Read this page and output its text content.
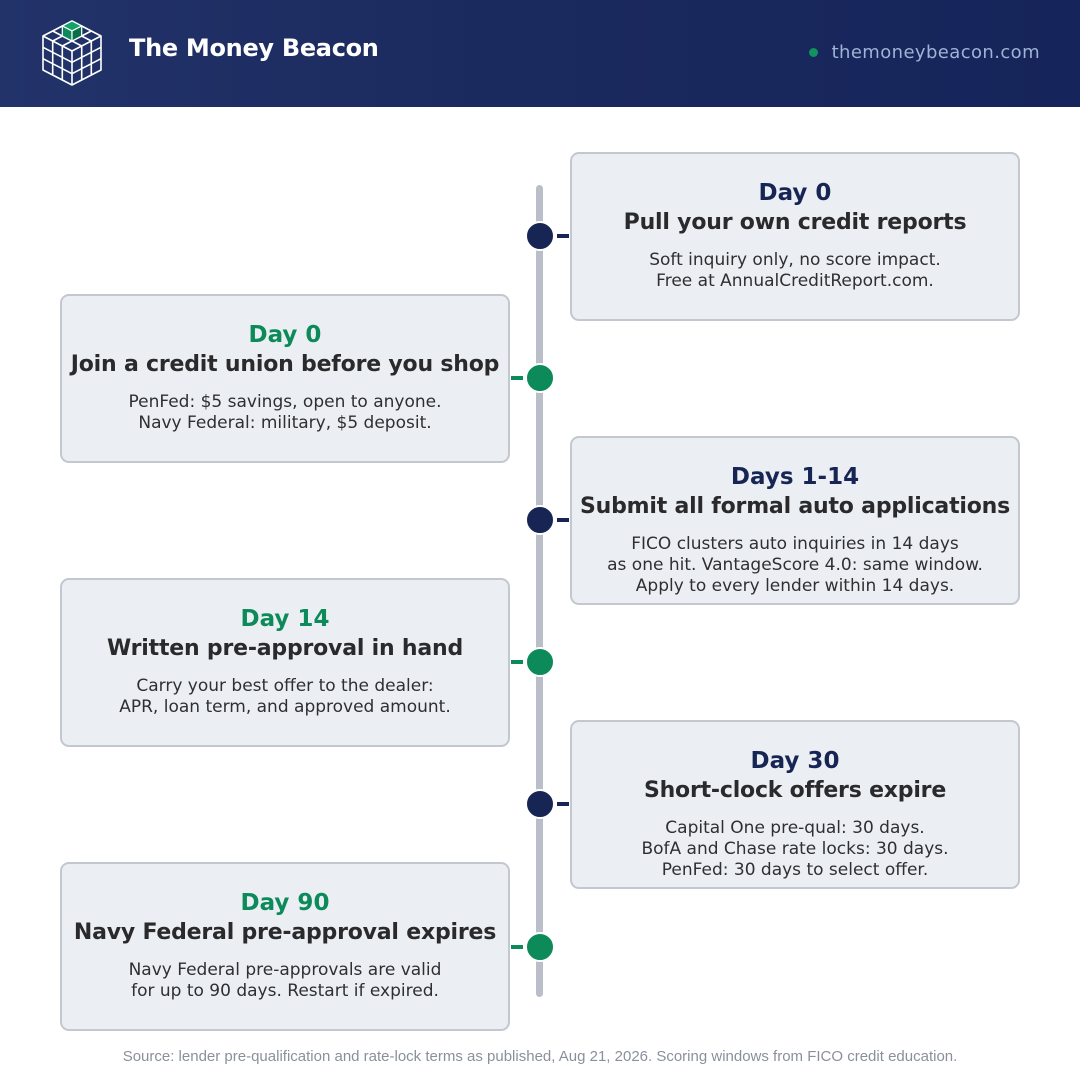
The Money Beacon	themoneybeacon.com
Day 0
Pull your own credit reports
Soft inquiry only, no score impact.
Free at AnnualCreditReport.com.
Day 0
Join a credit union before you shop
PenFed: $5 savings, open to anyone.
Navy Federal: military, $5 deposit.
Days 1-14
Submit all formal auto applications
FICO clusters auto inquiries in 14 days
as one hit. VantageScore 4.0: same window.
Apply to every lender within 14 days.
Day 14
Written pre-approval in hand
Carry your best offer to the dealer:
APR, loan term, and approved amount.
Day 30
Short-clock offers expire
Capital One pre-qual: 30 days.
BofA and Chase rate locks: 30 days.
PenFed: 30 days to select offer.
Day 90
Navy Federal pre-approval expires
Navy Federal pre-approvals are valid
for up to 90 days. Restart if expired.
Source: lender pre-qualification and rate-lock terms as published, Aug 21, 2026. Scoring windows from FICO credit education.
